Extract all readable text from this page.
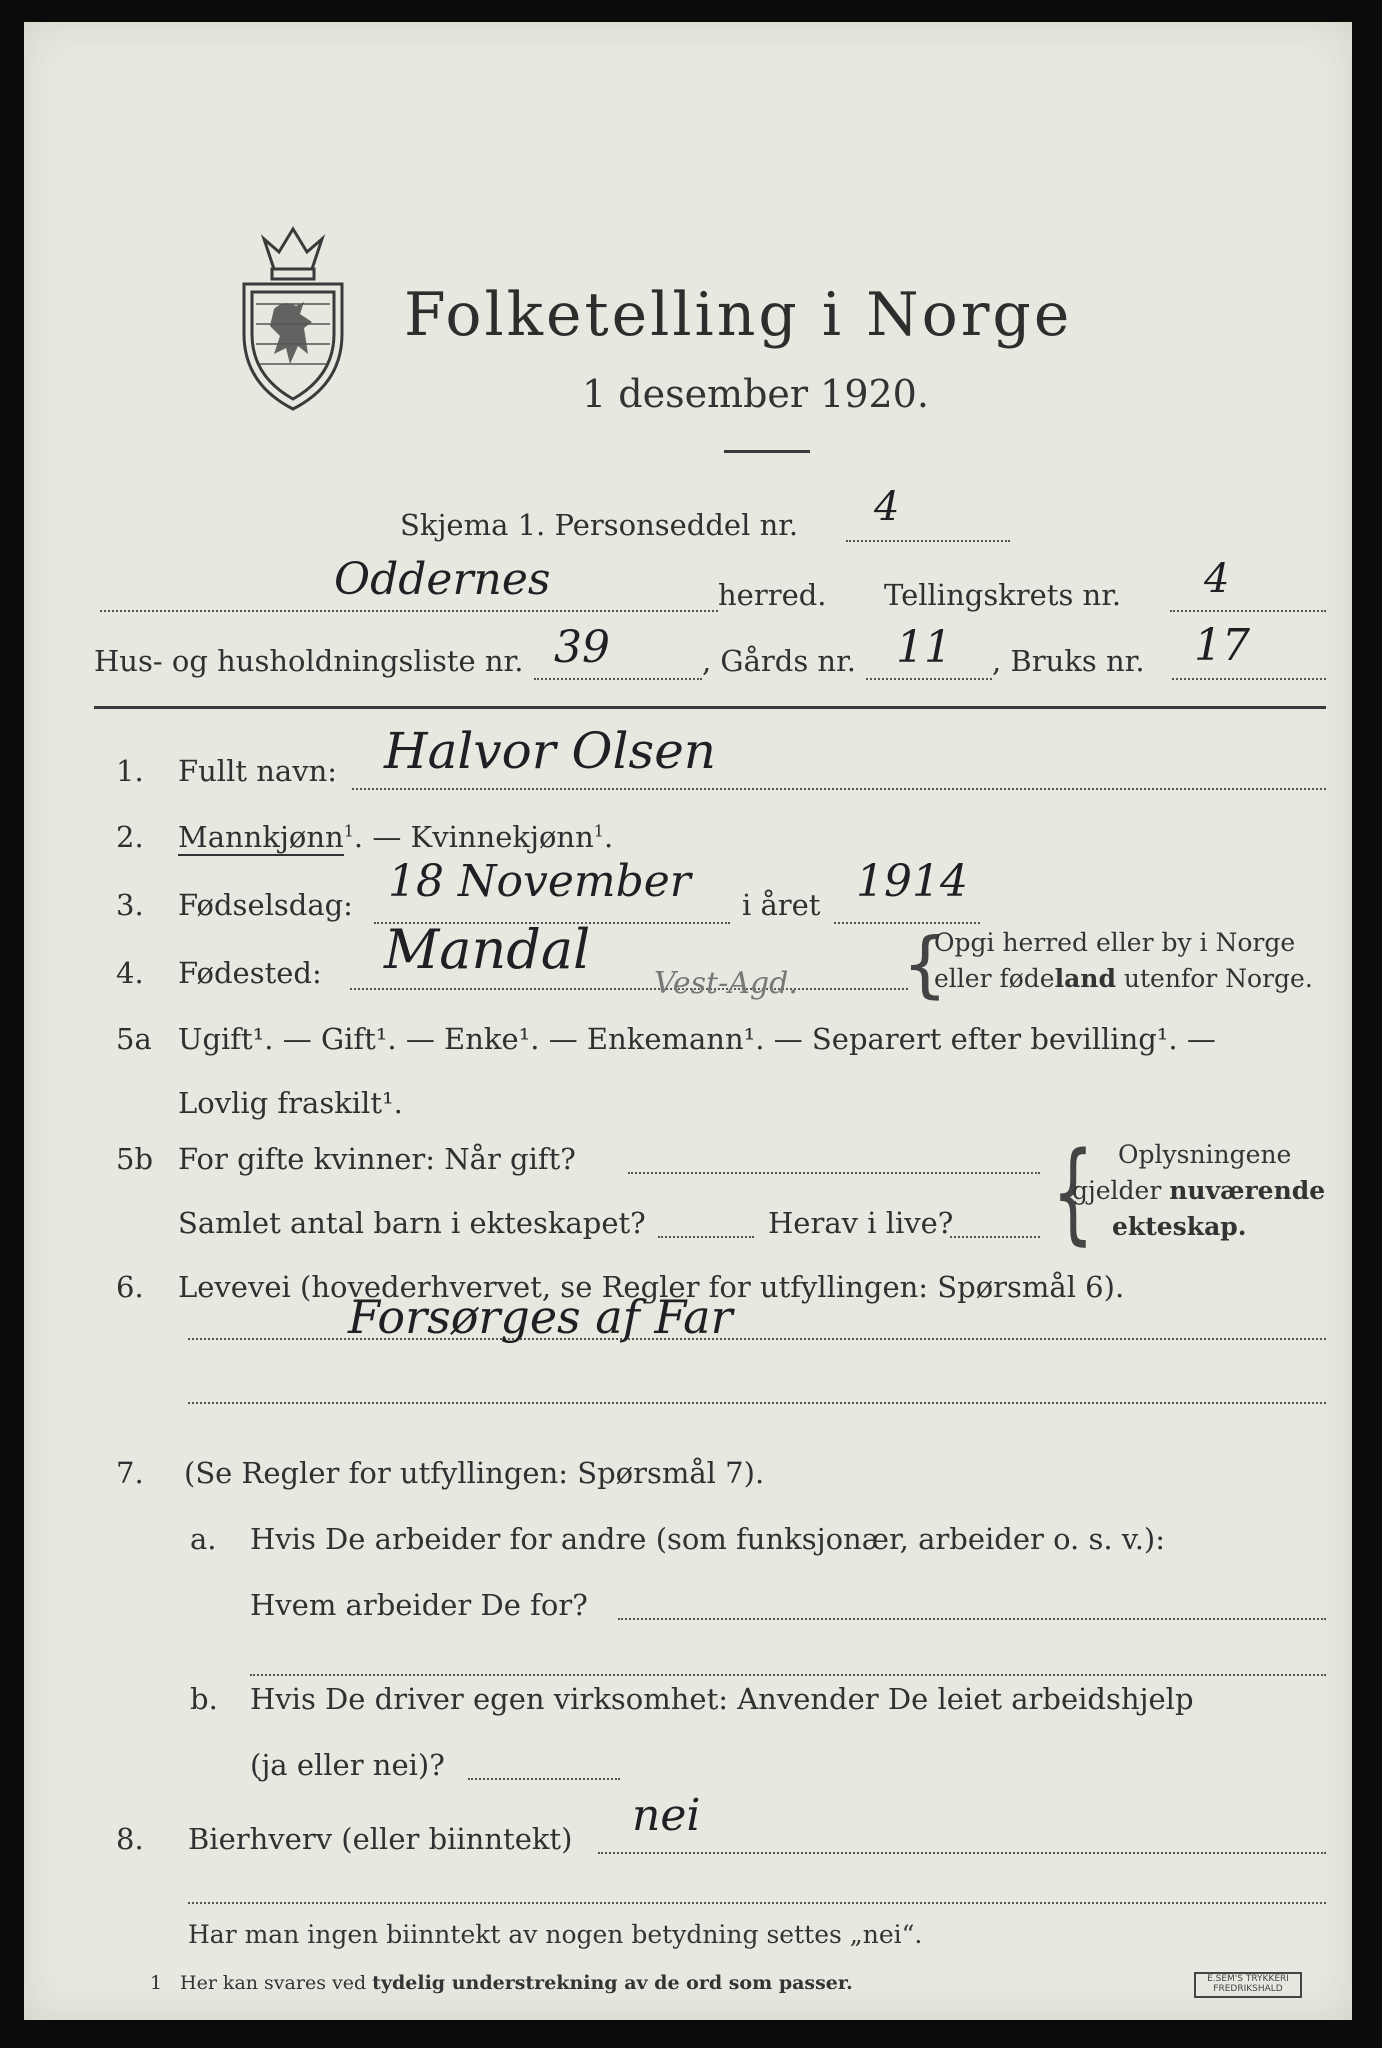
Folketelling i Norge
1 desember 1920.
Skjema 1. Personseddel nr. 4
Oddernes	herred. Tellingskrets nr. 4
Hus- og husholdningsliste nr. 39	, Gårds nr. 11 , Bruks nr. 17
1. Fullt navn: Halvor Olsen
2. Mannkjønn$^1$. — Kvinnekjønn$^1$.
3. Fødselsdag: 18 November i året 1914
4. Fødested: Mandal
Vest-Agd. {
Opgi herred eller by i Norge
eller fødeland utenfor Norge.
5a Ugift¹. — Gift¹. — Enke¹. — Enkemann¹. — Separert efter bevilling¹. —
Lovlig fraskilt¹.
5b For gifte kvinner: Når gift?
Samlet antal barn i ekteskapet?	Herav i live? { Oplysningene
gjelder nuværende
ekteskap.
6. Levevei (hovederhvervet, se Regler for utfyllingen: Spørsmål 6).
Forsørges af Far
7. (Se Regler for utfyllingen: Spørsmål 7).
a. Hvis De arbeider for andre (som funksjonær, arbeider o. s. v.):
Hvem arbeider De for?
b. Hvis De driver egen virksomhet: Anvender De leiet arbeidshjelp
(ja eller nei)?
8. Bierhverv (eller biinntekt) nei
Har man ingen biinntekt av nogen betydning settes „nei“.
1 Her kan svares ved tydelig understrekning av de ord som passer.	E.SEM'S TRYKKERI
FREDRIKSHALD
